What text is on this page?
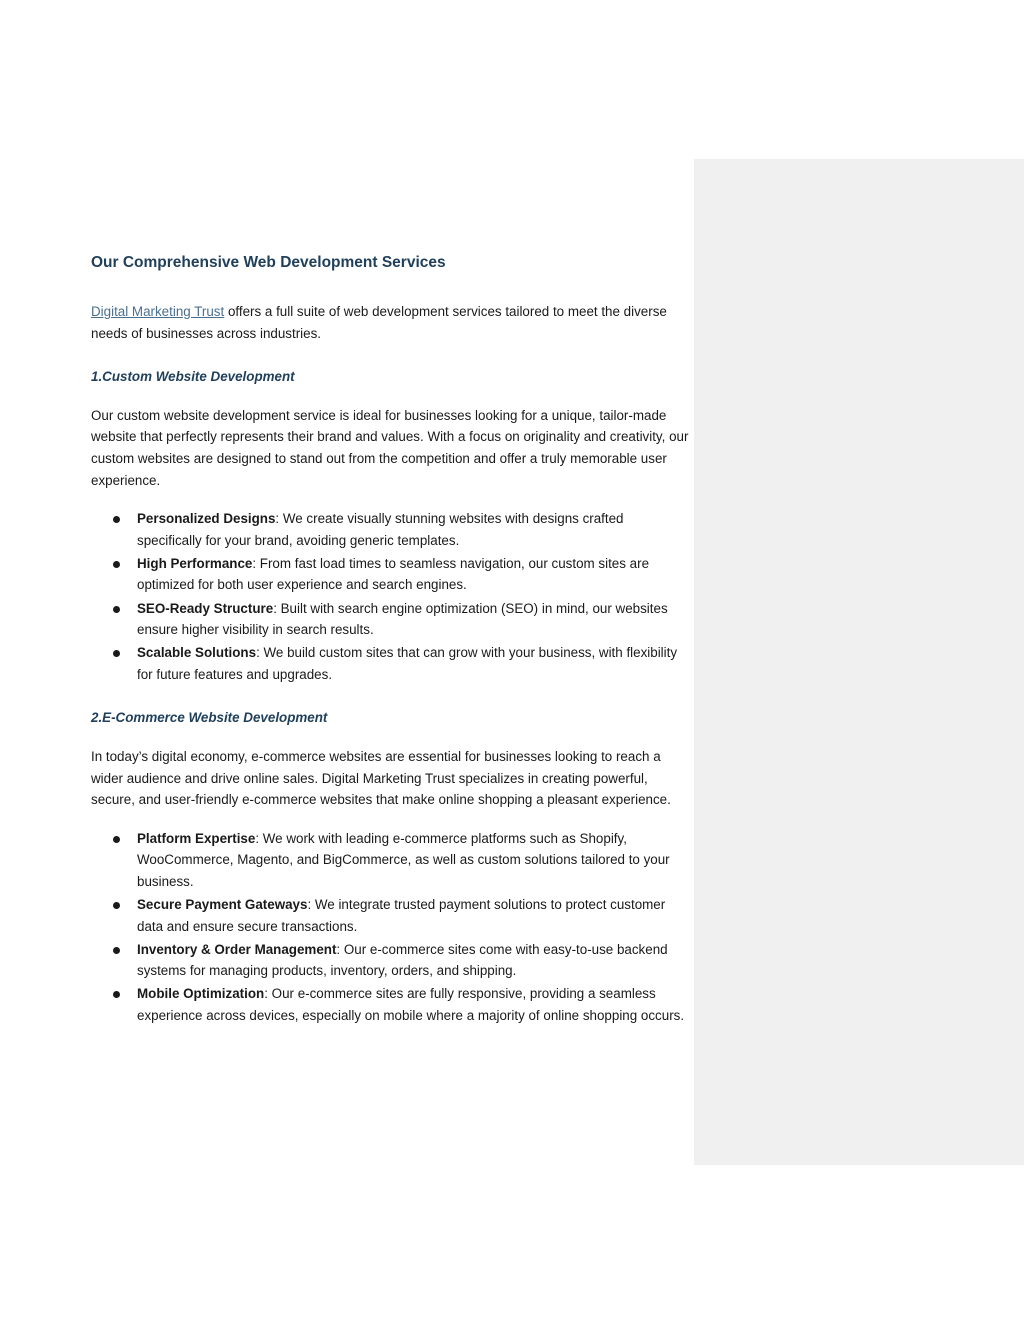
Our Comprehensive Web Development Services

Digital Marketing Trust offers a full suite of web development services tailored to meet the diverse needs of businesses across industries.

1.Custom Website Development

Our custom website development service is ideal for businesses looking for a unique, tailor-made website that perfectly represents their brand and values. With a focus on originality and creativity, our custom websites are designed to stand out from the competition and offer a truly memorable user experience.

Personalized Designs: We create visually stunning websites with designs crafted specifically for your brand, avoiding generic templates.
High Performance: From fast load times to seamless navigation, our custom sites are optimized for both user experience and search engines.
SEO-Ready Structure: Built with search engine optimization (SEO) in mind, our websites ensure higher visibility in search results.
Scalable Solutions: We build custom sites that can grow with your business, with flexibility for future features and upgrades.
2.E-Commerce Website Development

In today’s digital economy, e-commerce websites are essential for businesses looking to reach a wider audience and drive online sales. Digital Marketing Trust specializes in creating powerful, secure, and user-friendly e-commerce websites that make online shopping a pleasant experience.

Platform Expertise: We work with leading e-commerce platforms such as Shopify, WooCommerce, Magento, and BigCommerce, as well as custom solutions tailored to your business.
Secure Payment Gateways: We integrate trusted payment solutions to protect customer data and ensure secure transactions.
Inventory & Order Management: Our e-commerce sites come with easy-to-use backend systems for managing products, inventory, orders, and shipping.
Mobile Optimization: Our e-commerce sites are fully responsive, providing a seamless experience across devices, especially on mobile where a majority of online shopping occurs.
